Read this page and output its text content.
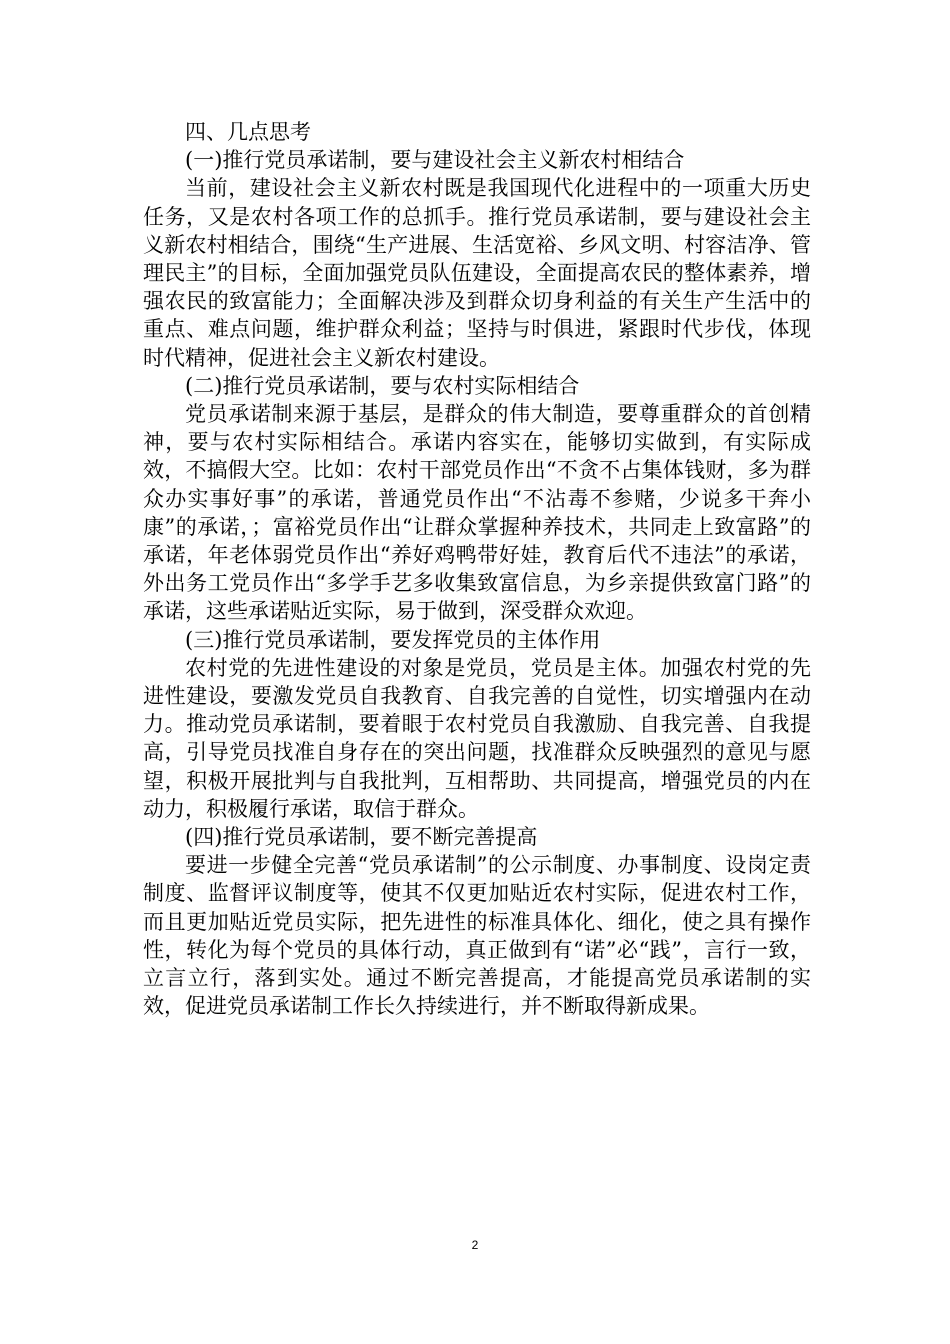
四、几点思考

(一)推行党员承诺制，要与建设社会主义新农村相结合

当前，建设社会主义新农村既是我国现代化进程中的一项重大历史任务，又是农村各项工作的总抓手。推行党员承诺制，要与建设社会主义新农村相结合，围绕“生产进展、生活宽裕、乡风文明、村容洁净、管理民主”的目标，全面加强党员队伍建设，全面提高农民的整体素养，增强农民的致富能力；全面解决涉及到群众切身利益的有关生产生活中的重点、难点问题，维护群众利益；坚持与时俱进，紧跟时代步伐，体现时代精神，促进社会主义新农村建设。

(二)推行党员承诺制，要与农村实际相结合

党员承诺制来源于基层，是群众的伟大制造，要尊重群众的首创精神，要与农村实际相结合。承诺内容实在，能够切实做到，有实际成效，不搞假大空。比如：农村干部党员作出“不贪不占集体钱财，多为群众办实事好事”的承诺，普通党员作出“不沾毒不参赌，少说多干奔小康”的承诺，；富裕党员作出“让群众掌握种养技术，共同走上致富路”的承诺，年老体弱党员作出“养好鸡鸭带好娃，教育后代不违法”的承诺，外出务工党员作出“多学手艺多收集致富信息，为乡亲提供致富门路”的承诺，这些承诺贴近实际，易于做到，深受群众欢迎。

(三)推行党员承诺制，要发挥党员的主体作用

农村党的先进性建设的对象是党员，党员是主体。加强农村党的先进性建设，要激发党员自我教育、自我完善的自觉性，切实增强内在动力。推动党员承诺制，要着眼于农村党员自我激励、自我完善、自我提高，引导党员找准自身存在的突出问题，找准群众反映强烈的意见与愿望，积极开展批判与自我批判，互相帮助、共同提高，增强党员的内在动力，积极履行承诺，取信于群众。

(四)推行党员承诺制，要不断完善提高

要进一步健全完善“党员承诺制”的公示制度、办事制度、设岗定责制度、监督评议制度等，使其不仅更加贴近农村实际，促进农村工作，而且更加贴近党员实际，把先进性的标准具体化、细化，使之具有操作性，转化为每个党员的具体行动，真正做到有“诺”必“践”，言行一致，立言立行，落到实处。通过不断完善提高，才能提高党员承诺制的实效，促进党员承诺制工作长久持续进行，并不断取得新成果。

2
